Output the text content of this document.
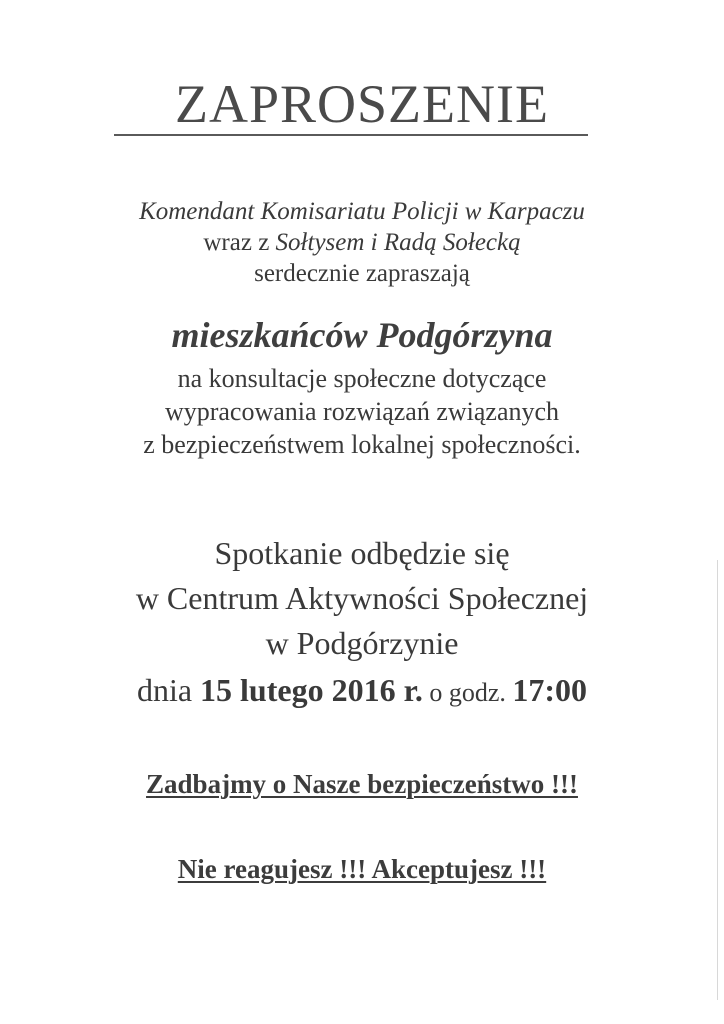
ZAPROSZENIE
Komendant Komisariatu Policji w Karpaczu
wraz z Sołtysem i Radą Sołecką
serdecznie zapraszają
mieszkańców Podgórzyna
na konsultacje społeczne dotyczące
wypracowania rozwiązań związanych
z bezpieczeństwem lokalnej społeczności.
Spotkanie odbędzie się
w Centrum Aktywności Społecznej
w Podgórzynie
dnia 15 lutego 2016 r. o godz. 17:00
Zadbajmy o Nasze bezpieczeństwo !!!
Nie reagujesz !!! Akceptujesz !!!
